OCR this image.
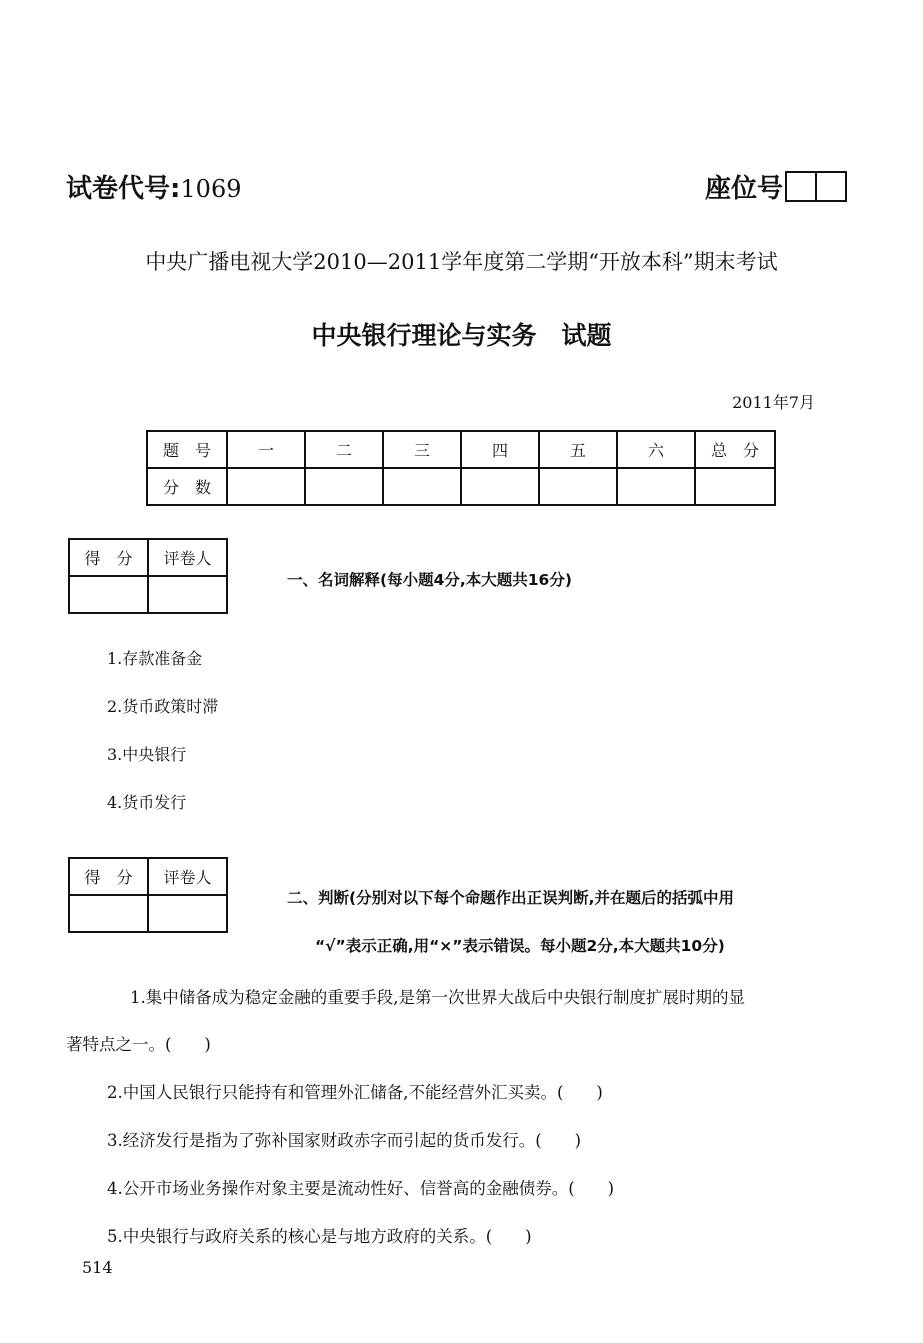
试卷代号:1069	座位号
中央广播电视大学2010—2011学年度第二学期“开放本科”期末考试
中央银行理论与实务　试题
2011年7月
题　号	一	二	三	四	五	六	总　分
分　数							
得　分	评卷人

一、名词解释(每小题4分,本大题共16分)
1.存款准备金
2.货币政策时滞
3.中央银行
4.货币发行
得　分	评卷人

二、判断(分别对以下每个命题作出正误判断,并在题后的括弧中用
“√”表示正确,用“×”表示错误。每小题2分,本大题共10分)
1.集中储备成为稳定金融的重要手段,是第一次世界大战后中央银行制度扩展时期的显
著特点之一。(　　)
2.中国人民银行只能持有和管理外汇储备,不能经营外汇买卖。(　　)
3.经济发行是指为了弥补国家财政赤字而引起的货币发行。(　　)
4.公开市场业务操作对象主要是流动性好、信誉高的金融债券。(　　)
5.中央银行与政府关系的核心是与地方政府的关系。(　　)
514
